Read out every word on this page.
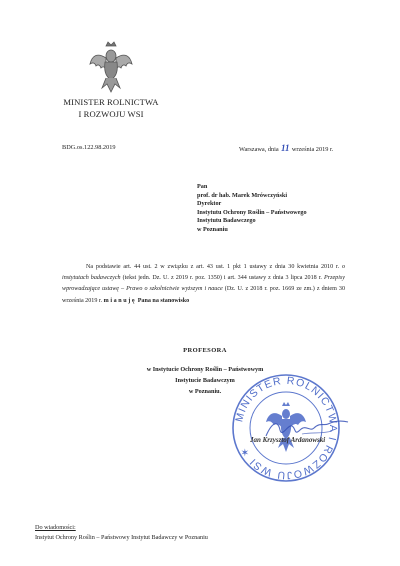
MINISTER ROLNICTWA
I ROZWOJU WSI
BDG.os.122.98.2019	Warszawa, dnia 11 września 2019 r.
Pan
prof. dr hab. Marek Mrówczyński
Dyrektor
Instytutu Ochrony Roślin – Państwowego
Instytutu Badawczego
w Poznaniu

Na podstawie art. 44 ust. 2 w związku z art. 43 ust. 1 pkt 1 ustawy z dnia 30 kwietnia 2010 r. o instytutach badawczych (tekst jedn. Dz. U. z 2019 r. poz. 1350) i art. 344 ustawy z dnia 3 lipca 2018 r. Przepisy wprowadzające ustawę – Prawo o szkolnictwie wyższym i nauce (Dz. U. z 2018 r. poz. 1669 ze zm.) z dniem 30 września 2019 r. mianuję Pana na stanowisko

PROFESORA
w Instytucie Ochrony Roślin – Państwowym
Instytucie Badawczym
w Poznaniu.
MINISTER ROLNICTWA I ROZWOJU WSI ✶
Jan Krzysztof Ardanowski
Do wiadomości:
Instytut Ochrony Roślin – Państwowy Instytut Badawczy w Poznaniu
